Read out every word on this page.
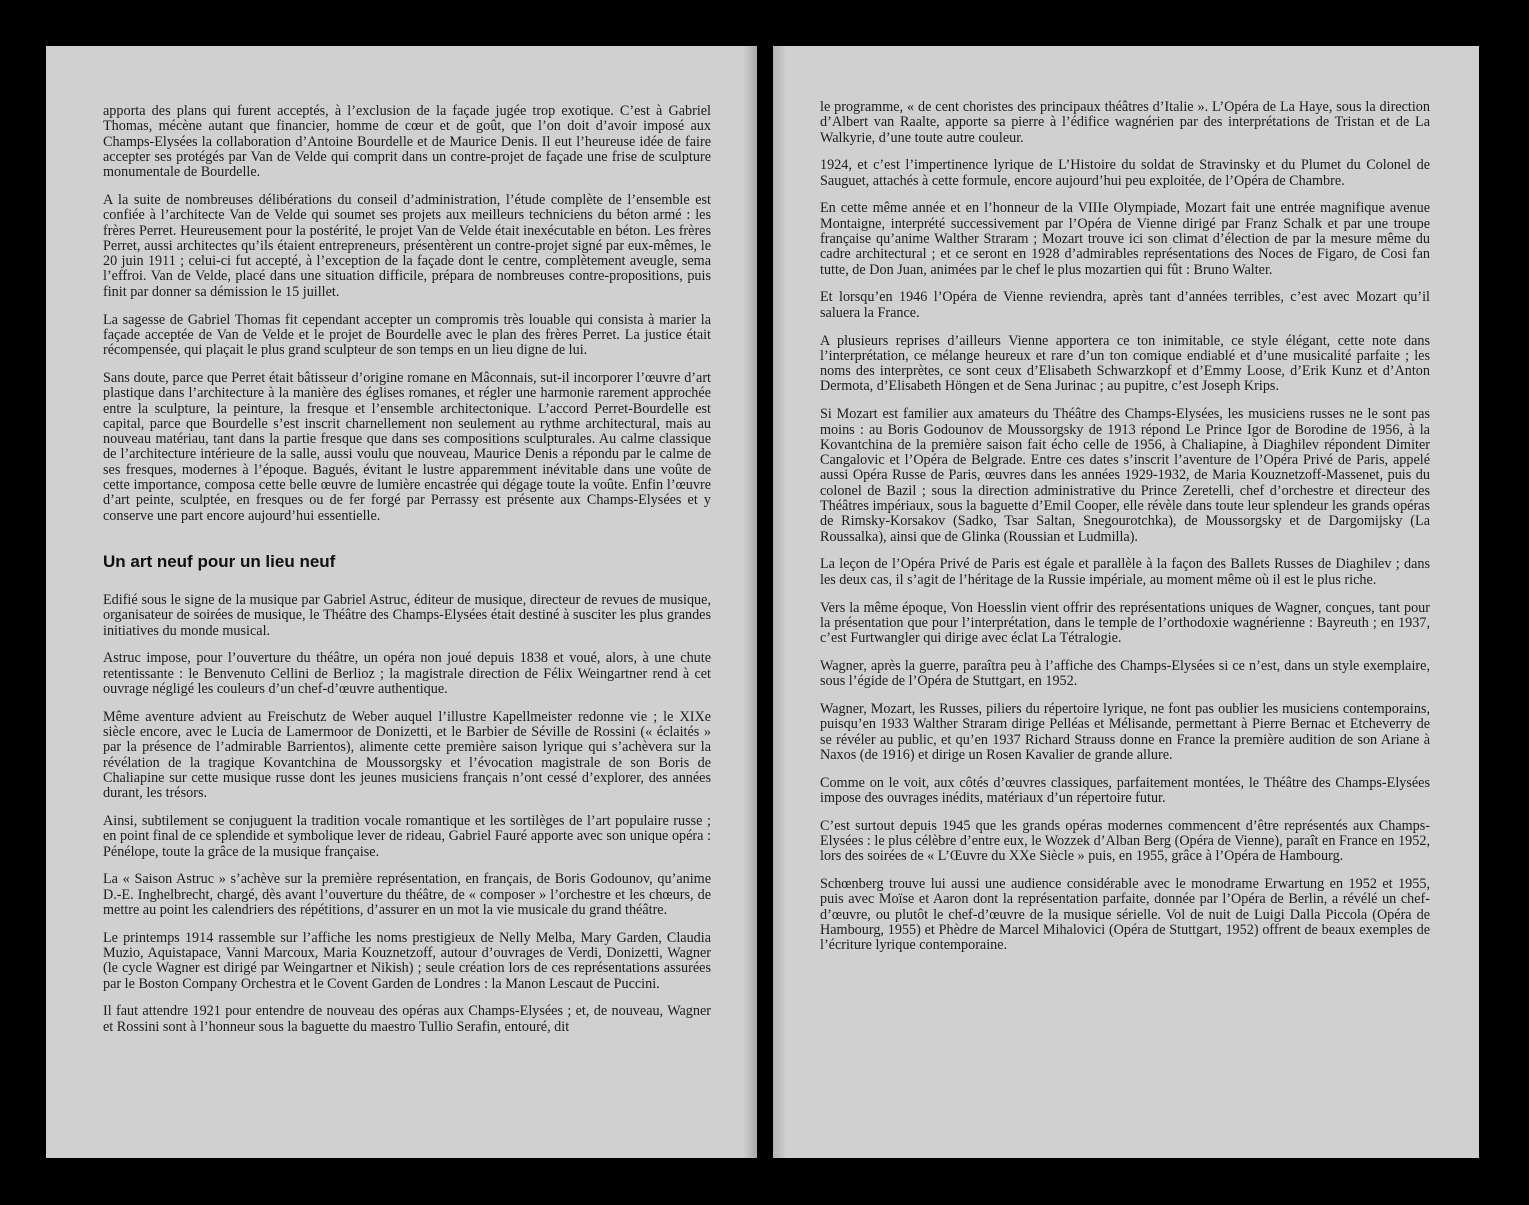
apporta des plans qui furent acceptés, à l’exclusion de la façade jugée trop exotique. C’est à Gabriel Thomas, mécène autant que financier, homme de cœur et de goût, que l’on doit d’avoir imposé aux Champs-Elysées la collaboration d’Antoine Bourdelle et de Maurice Denis. Il eut l’heureuse idée de faire accepter ses protégés par Van de Velde qui comprit dans un contre-projet de façade une frise de sculpture monumentale de Bourdelle.

A la suite de nombreuses délibérations du conseil d’administration, l’étude complète de l’ensemble est confiée à l’architecte Van de Velde qui soumet ses projets aux meilleurs techniciens du béton armé : les frères Perret. Heureusement pour la postérité, le projet Van de Velde était inexécutable en béton. Les frères Perret, aussi architectes qu’ils étaient entrepreneurs, présentèrent un contre-projet signé par eux-mêmes, le 20 juin 1911 ; celui-ci fut accepté, à l’exception de la façade dont le centre, complètement aveugle, sema l’effroi. Van de Velde, placé dans une situation difficile, prépara de nombreuses contre-propositions, puis finit par donner sa démission le 15 juillet.

La sagesse de Gabriel Thomas fit cependant accepter un compromis très louable qui consista à marier la façade acceptée de Van de Velde et le projet de Bourdelle avec le plan des frères Perret. La justice était récompensée, qui plaçait le plus grand sculpteur de son temps en un lieu digne de lui.

Sans doute, parce que Perret était bâtisseur d’origine romane en Mâconnais, sut-il incorporer l’œuvre d’art plastique dans l’architecture à la manière des églises romanes, et régler une harmonie rarement approchée entre la sculpture, la peinture, la fresque et l’ensemble architectonique. L’accord Perret-Bourdelle est capital, parce que Bourdelle s’est inscrit charnellement non seulement au rythme architectural, mais au nouveau matériau, tant dans la partie fresque que dans ses compositions sculpturales. Au calme classique de l’architecture intérieure de la salle, aussi voulu que nouveau, Maurice Denis a répondu par le calme de ses fresques, modernes à l’époque. Bagués, évitant le lustre apparemment inévitable dans une voûte de cette importance, composa cette belle œuvre de lumière encastrée qui dégage toute la voûte. Enfin l’œuvre d’art peinte, sculptée, en fresques ou de fer forgé par Perrassy est présente aux Champs-Elysées et y conserve une part encore aujourd’hui essentielle.

Un art neuf pour un lieu neuf

Edifié sous le signe de la musique par Gabriel Astruc, éditeur de musique, directeur de revues de musique, organisateur de soirées de musique, le Théâtre des Champs-Elysées était destiné à susciter les plus grandes initiatives du monde musical.

Astruc impose, pour l’ouverture du théâtre, un opéra non joué depuis 1838 et voué, alors, à une chute retentissante : le Benvenuto Cellini de Berlioz ; la magistrale direction de Félix Weingartner rend à cet ouvrage négligé les couleurs d’un chef-d’œuvre authentique.

Même aventure advient au Freischutz de Weber auquel l’illustre Kapellmeister redonne vie ; le XIXe siècle encore, avec le Lucia de Lamermoor de Donizetti, et le Barbier de Séville de Rossini (« éclaités » par la présence de l’admirable Barrientos), alimente cette première saison lyrique qui s’achèvera sur la révélation de la tragique Kovantchina de Moussorgsky et l’évocation magistrale de son Boris de Chaliapine sur cette musique russe dont les jeunes musiciens français n’ont cessé d’explorer, des années durant, les trésors.

Ainsi, subtilement se conjuguent la tradition vocale romantique et les sortilèges de l’art populaire russe ; en point final de ce splendide et symbolique lever de rideau, Gabriel Fauré apporte avec son unique opéra : Pénélope, toute la grâce de la musique française.

La « Saison Astruc » s’achève sur la première représentation, en français, de Boris Godounov, qu’anime D.-E. Inghelbrecht, chargé, dès avant l’ouverture du théâtre, de « composer » l’orchestre et les chœurs, de mettre au point les calendriers des répétitions, d’assurer en un mot la vie musicale du grand théâtre.

Le printemps 1914 rassemble sur l’affiche les noms prestigieux de Nelly Melba, Mary Garden, Claudia Muzio, Aquistapace, Vanni Marcoux, Maria Kouznetzoff, autour d’ouvrages de Verdi, Donizetti, Wagner (le cycle Wagner est dirigé par Weingartner et Nikish) ; seule création lors de ces représentations assurées par le Boston Company Orchestra et le Covent Garden de Londres : la Manon Lescaut de Puccini.

Il faut attendre 1921 pour entendre de nouveau des opéras aux Champs-Elysées ; et, de nouveau, Wagner et Rossini sont à l’honneur sous la baguette du maestro Tullio Serafin, entouré, dit

le programme, « de cent choristes des principaux théâtres d’Italie ». L’Opéra de La Haye, sous la direction d’Albert van Raalte, apporte sa pierre à l’édifice wagnérien par des interprétations de Tristan et de La Walkyrie, d’une toute autre couleur.

1924, et c’est l’impertinence lyrique de L’Histoire du soldat de Stravinsky et du Plumet du Colonel de Sauguet, attachés à cette formule, encore aujourd’hui peu exploitée, de l’Opéra de Chambre.

En cette même année et en l’honneur de la VIIIe Olympiade, Mozart fait une entrée magnifique avenue Montaigne, interprété successivement par l’Opéra de Vienne dirigé par Franz Schalk et par une troupe française qu’anime Walther Straram ; Mozart trouve ici son climat d’élection de par la mesure même du cadre architectural ; et ce seront en 1928 d’admirables représentations des Noces de Figaro, de Cosi fan tutte, de Don Juan, animées par le chef le plus mozartien qui fût : Bruno Walter.

Et lorsqu’en 1946 l’Opéra de Vienne reviendra, après tant d’années terribles, c’est avec Mozart qu’il saluera la France.

A plusieurs reprises d’ailleurs Vienne apportera ce ton inimitable, ce style élégant, cette note dans l’interprétation, ce mélange heureux et rare d’un ton comique endiablé et d’une musicalité parfaite ; les noms des interprètes, ce sont ceux d’Elisabeth Schwarzkopf et d’Emmy Loose, d’Erik Kunz et d’Anton Dermota, d’Elisabeth Höngen et de Sena Jurinac ; au pupitre, c’est Joseph Krips.

Si Mozart est familier aux amateurs du Théâtre des Champs-Elysées, les musiciens russes ne le sont pas moins : au Boris Godounov de Moussorgsky de 1913 répond Le Prince Igor de Borodine de 1956, à la Kovantchina de la première saison fait écho celle de 1956, à Chaliapine, à Diaghilev répondent Dimiter Cangalovic et l’Opéra de Belgrade. Entre ces dates s’inscrit l’aventure de l’Opéra Privé de Paris, appelé aussi Opéra Russe de Paris, œuvres dans les années 1929-1932, de Maria Kouznetzoff-Massenet, puis du colonel de Bazil ; sous la direction administrative du Prince Zeretelli, chef d’orchestre et directeur des Théâtres impériaux, sous la baguette d’Emil Cooper, elle révèle dans toute leur splendeur les grands opéras de Rimsky-Korsakov (Sadko, Tsar Saltan, Snegourotchka), de Moussorgsky et de Dargomijsky (La Roussalka), ainsi que de Glinka (Roussian et Ludmilla).

La leçon de l’Opéra Privé de Paris est égale et parallèle à la façon des Ballets Russes de Diaghilev ; dans les deux cas, il s’agit de l’héritage de la Russie impériale, au moment même où il est le plus riche.

Vers la même époque, Von Hoesslin vient offrir des représentations uniques de Wagner, conçues, tant pour la présentation que pour l’interprétation, dans le temple de l’orthodoxie wagnérienne : Bayreuth ; en 1937, c’est Furtwangler qui dirige avec éclat La Tétralogie.

Wagner, après la guerre, paraîtra peu à l’affiche des Champs-Elysées si ce n’est, dans un style exemplaire, sous l’égide de l’Opéra de Stuttgart, en 1952.

Wagner, Mozart, les Russes, piliers du répertoire lyrique, ne font pas oublier les musiciens contemporains, puisqu’en 1933 Walther Straram dirige Pelléas et Mélisande, permettant à Pierre Bernac et Etcheverry de se révéler au public, et qu’en 1937 Richard Strauss donne en France la première audition de son Ariane à Naxos (de 1916) et dirige un Rosen Kavalier de grande allure.

Comme on le voit, aux côtés d’œuvres classiques, parfaitement montées, le Théâtre des Champs-Elysées impose des ouvrages inédits, matériaux d’un répertoire futur.

C’est surtout depuis 1945 que les grands opéras modernes commencent d’être représentés aux Champs-Elysées : le plus célèbre d’entre eux, le Wozzek d’Alban Berg (Opéra de Vienne), paraît en France en 1952, lors des soirées de « L’Œuvre du XXe Siècle » puis, en 1955, grâce à l’Opéra de Hambourg.

Schœnberg trouve lui aussi une audience considérable avec le monodrame Erwartung en 1952 et 1955, puis avec Moïse et Aaron dont la représentation parfaite, donnée par l’Opéra de Berlin, a révélé un chef-d’œuvre, ou plutôt le chef-d’œuvre de la musique sérielle. Vol de nuit de Luigi Dalla Piccola (Opéra de Hambourg, 1955) et Phèdre de Marcel Mihalovici (Opéra de Stuttgart, 1952) offrent de beaux exemples de l’écriture lyrique contemporaine.
